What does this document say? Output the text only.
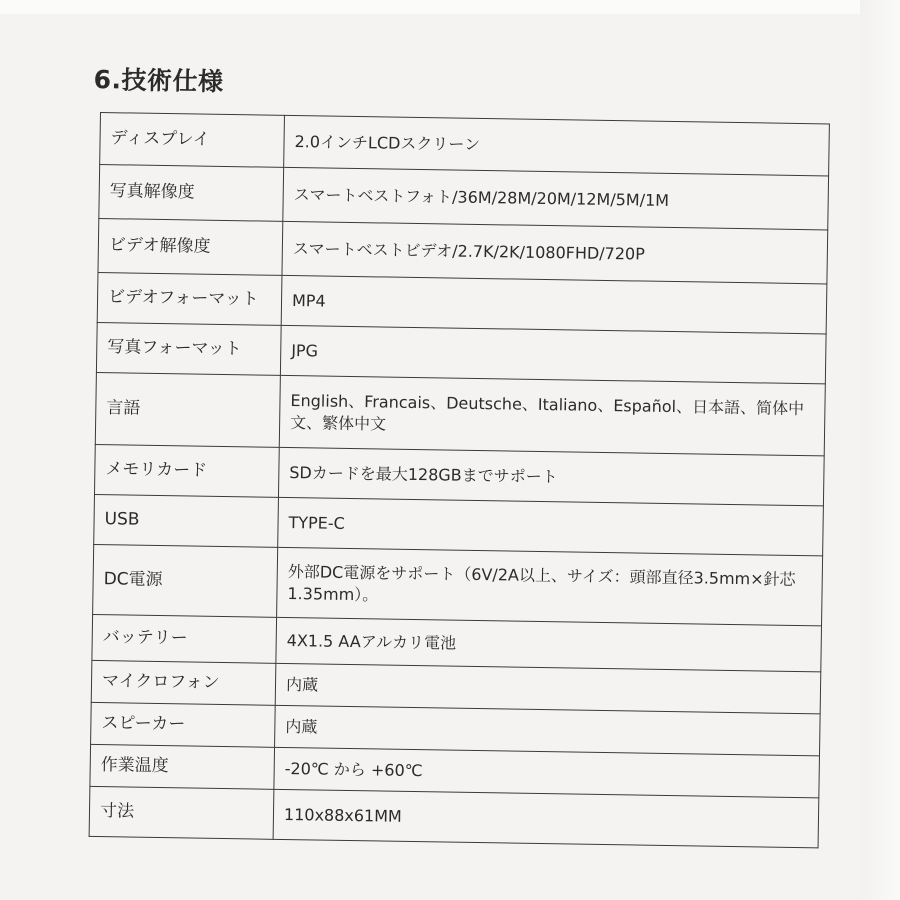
6.技術仕様
ディスプレイ	2.0インチLCDスクリーン
写真解像度	スマートベストフォト/36M/28M/20M/12M/5M/1M
ビデオ解像度	スマートベストビデオ/2.7K/2K/1080FHD/720P
ビデオフォーマット	MP4
写真フォーマット	JPG
言語	English、Francais、Deutsche、Italiano、Español、日本語、简体中文、繁体中文
メモリカード	SDカードを最大128GBまでサポート
USB	TYPE-C
DC電源	外部DC電源をサポート（6V/2A以上、サイズ：頭部直径3.5mm×針芯1.35mm）。
バッテリー	4X1.5 AAアルカリ電池
マイクロフォン	内蔵
スピーカー	内蔵
作業温度	-20℃ から +60℃
寸法	110x88x61MM
